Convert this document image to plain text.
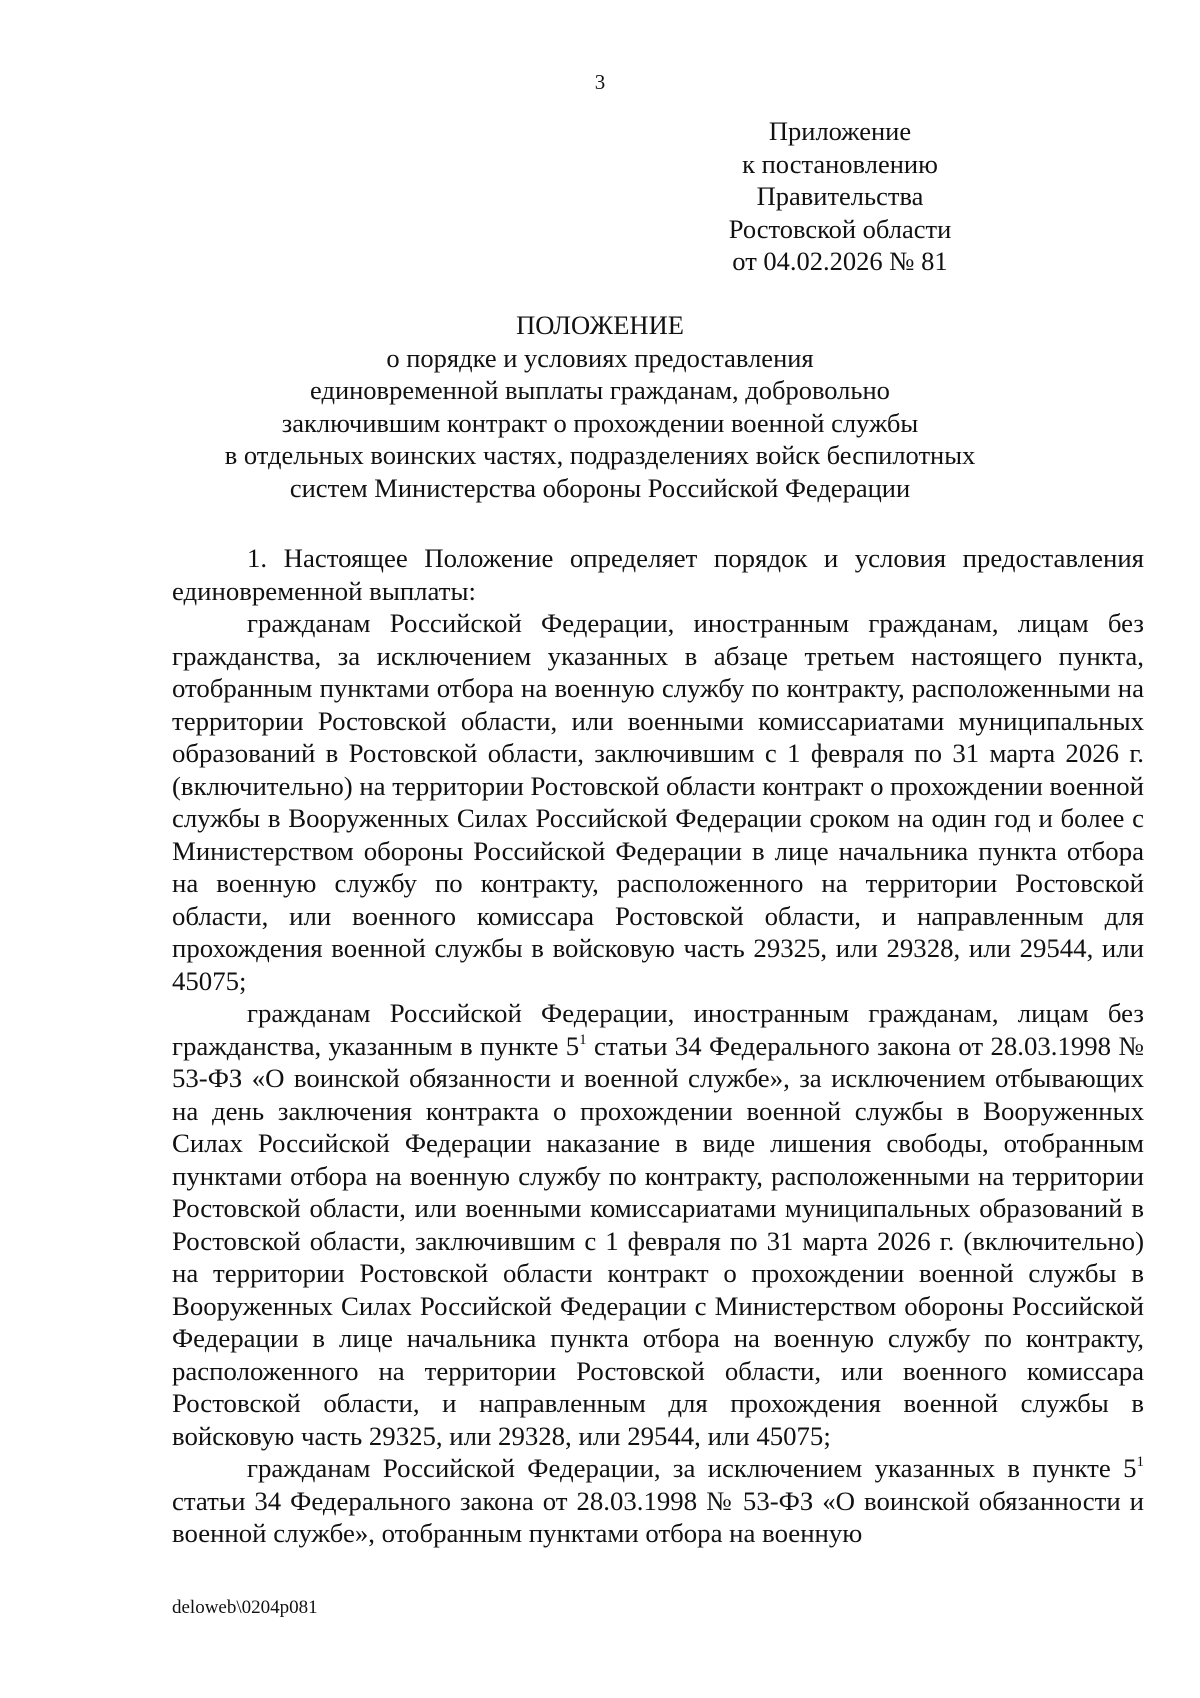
3
Приложение
к постановлению
Правительства
Ростовской области
от 04.02.2026 № 81
ПОЛОЖЕНИЕ
о порядке и условиях предоставления
единовременной выплаты гражданам, добровольно
заключившим контракт о прохождении военной службы
в отдельных воинских частях, подразделениях войск беспилотных
систем Министерства обороны Российской Федерации

1. Настоящее Положение определяет порядок и условия предоставления единовременной выплаты:

гражданам Российской Федерации, иностранным гражданам, лицам без гражданства, за исключением указанных в абзаце третьем настоящего пункта, отобранным пунктами отбора на военную службу по контракту, расположенными на территории Ростовской области, или военными комиссариатами муниципальных образований в Ростовской области, заключившим с 1 февраля по 31 марта 2026 г. (включительно) на территории Ростовской области контракт о прохождении военной службы в Вооруженных Силах Российской Федерации сроком на один год и более с Министерством обороны Российской Федерации в лице начальника пункта отбора на военную службу по контракту, расположенного на территории Ростовской области, или военного комиссара Ростовской области, и направленным для прохождения военной службы в войсковую часть 29325, или 29328, или 29544, или 45075;

гражданам Российской Федерации, иностранным гражданам, лицам без гражданства, указанным в пункте $5^1$ статьи 34 Федерального закона от 28.03.1998 № 53-ФЗ «О воинской обязанности и военной службе», за исключением отбывающих на день заключения контракта о прохождении военной службы в Вооруженных Силах Российской Федерации наказание в виде лишения свободы, отобранным пунктами отбора на военную службу по контракту, расположенными на территории Ростовской области, или военными комиссариатами муниципальных образований в Ростовской области, заключившим с 1 февраля по 31 марта 2026 г. (включительно) на территории Ростовской области контракт о прохождении военной службы в Вооруженных Силах Российской Федерации с Министерством обороны Российской Федерации в лице начальника пункта отбора на военную службу по контракту, расположенного на территории Ростовской области, или военного комиссара Ростовской области, и направленным для прохождения военной службы в войсковую часть 29325, или 29328, или 29544, или 45075;

гражданам Российской Федерации, за исключением указанных в пункте $5^1$ статьи 34 Федерального закона от 28.03.1998 № 53-ФЗ «О воинской обязанности и военной службе», отобранным пунктами отбора на военную

deloweb\0204p081
